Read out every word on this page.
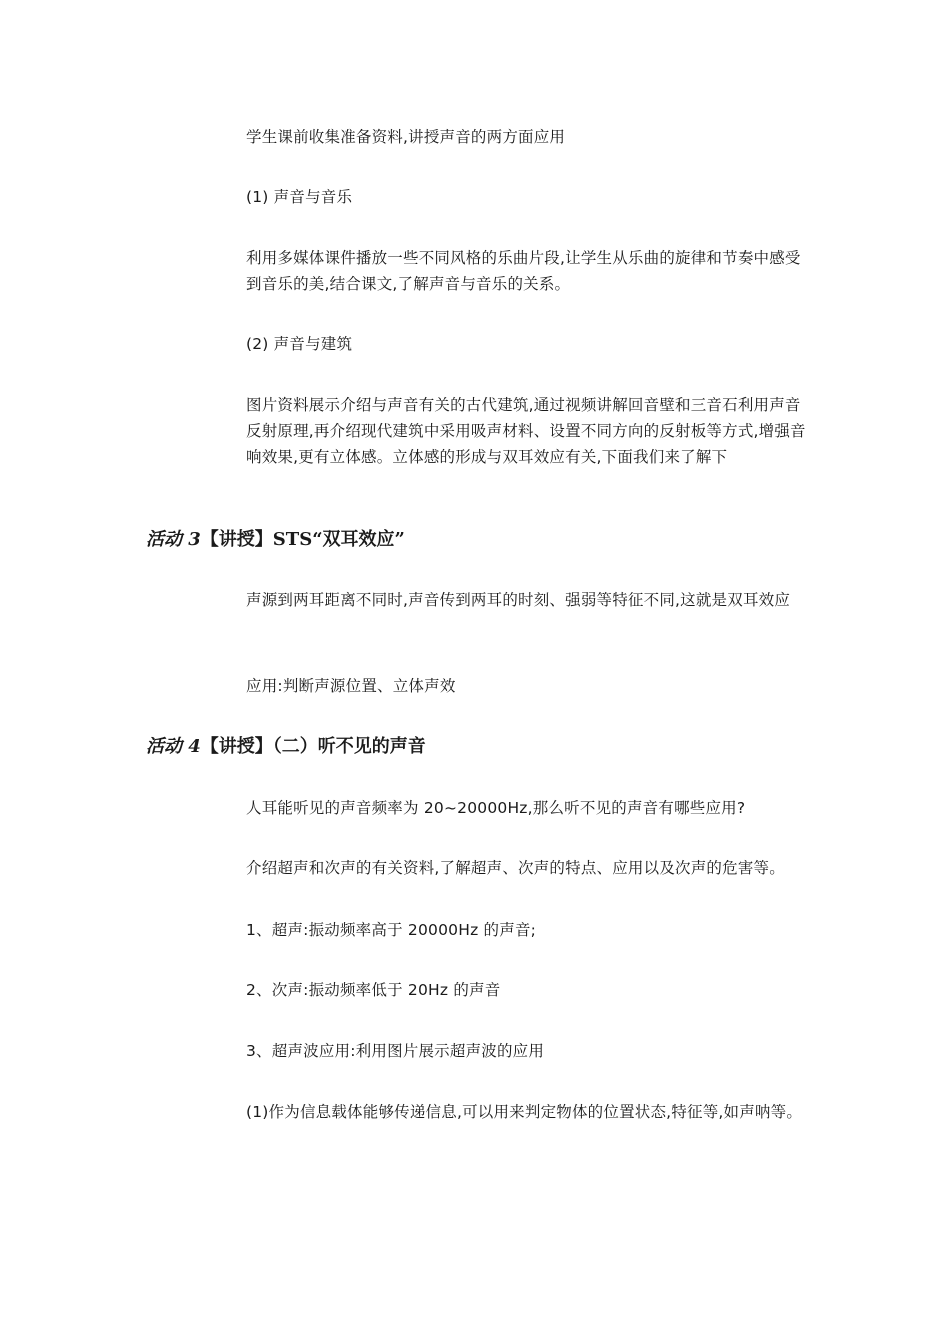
学生课前收集准备资料,讲授声音的两方面应用

(1) 声音与音乐

利用多媒体课件播放一些不同风格的乐曲片段,让学生从乐曲的旋律和节奏中感受到音乐的美,结合课文,了解声音与音乐的关系。

(2) 声音与建筑

图片资料展示介绍与声音有关的古代建筑,通过视频讲解回音壁和三音石利用声音反射原理,再介绍现代建筑中采用吸声材料、设置不同方向的反射板等方式,增强音响效果,更有立体感。立体感的形成与双耳效应有关,下面我们来了解下

活动 3【讲授】STS“双耳效应”

声源到两耳距离不同时,声音传到两耳的时刻、强弱等特征不同,这就是双耳效应

应用:判断声源位置、立体声效

活动 4【讲授】（二）听不见的声音

人耳能听见的声音频率为 20~20000Hz,那么听不见的声音有哪些应用?

介绍超声和次声的有关资料,了解超声、次声的特点、应用以及次声的危害等。

1、超声:振动频率高于 20000Hz 的声音;

2、次声:振动频率低于 20Hz 的声音

3、超声波应用:利用图片展示超声波的应用

(1)作为信息载体能够传递信息,可以用来判定物体的位置状态,特征等,如声呐等。
